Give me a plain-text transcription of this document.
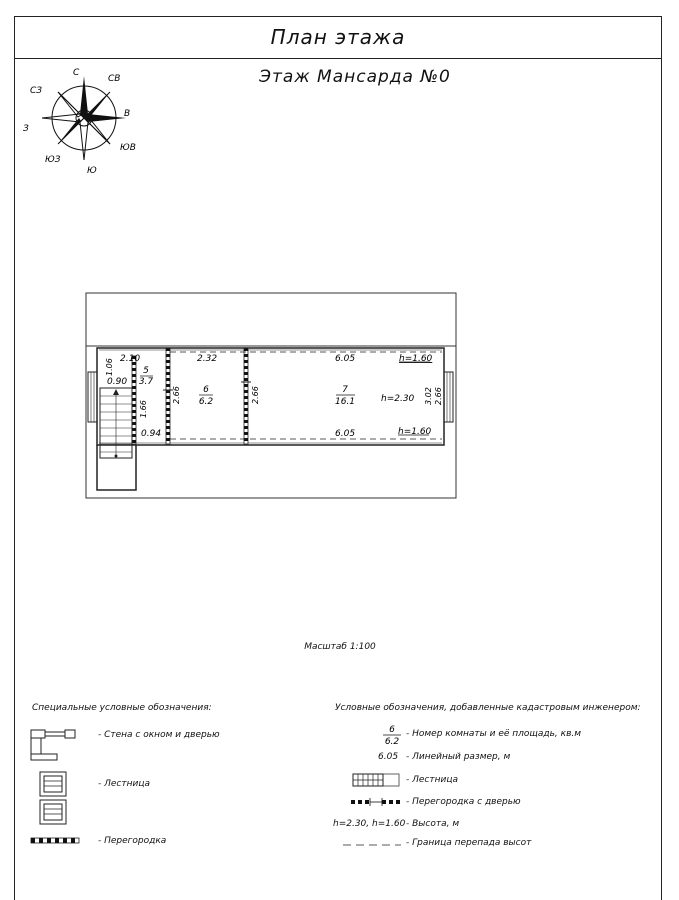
План этажа
Этаж Мансарда №0
С
СВ
В
ЮВ
Ю
ЮЗ
З
СЗ
2.10
1.06
0.90
1.66
0.94
2.66
2.32
2.66
6.05
6.05
3.02 2.66
5
3.7
6
6.2
7
16.1	h=2.30
h=1.60
h=1.60
Масштаб 1:100
Специальные условные обозначения:
- Стена с окном и дверью
- Лестница
- Перегородка
Условные обозначения, добавленные кадастровым инженером:
6
6.2
- Номер комнаты и её площадь, кв.м
6.05 - Линейный размер, м
- Лестница
- Перегородка с дверью
h=2.30, h=1.60 - Высота, м
- Граница перепада высот
